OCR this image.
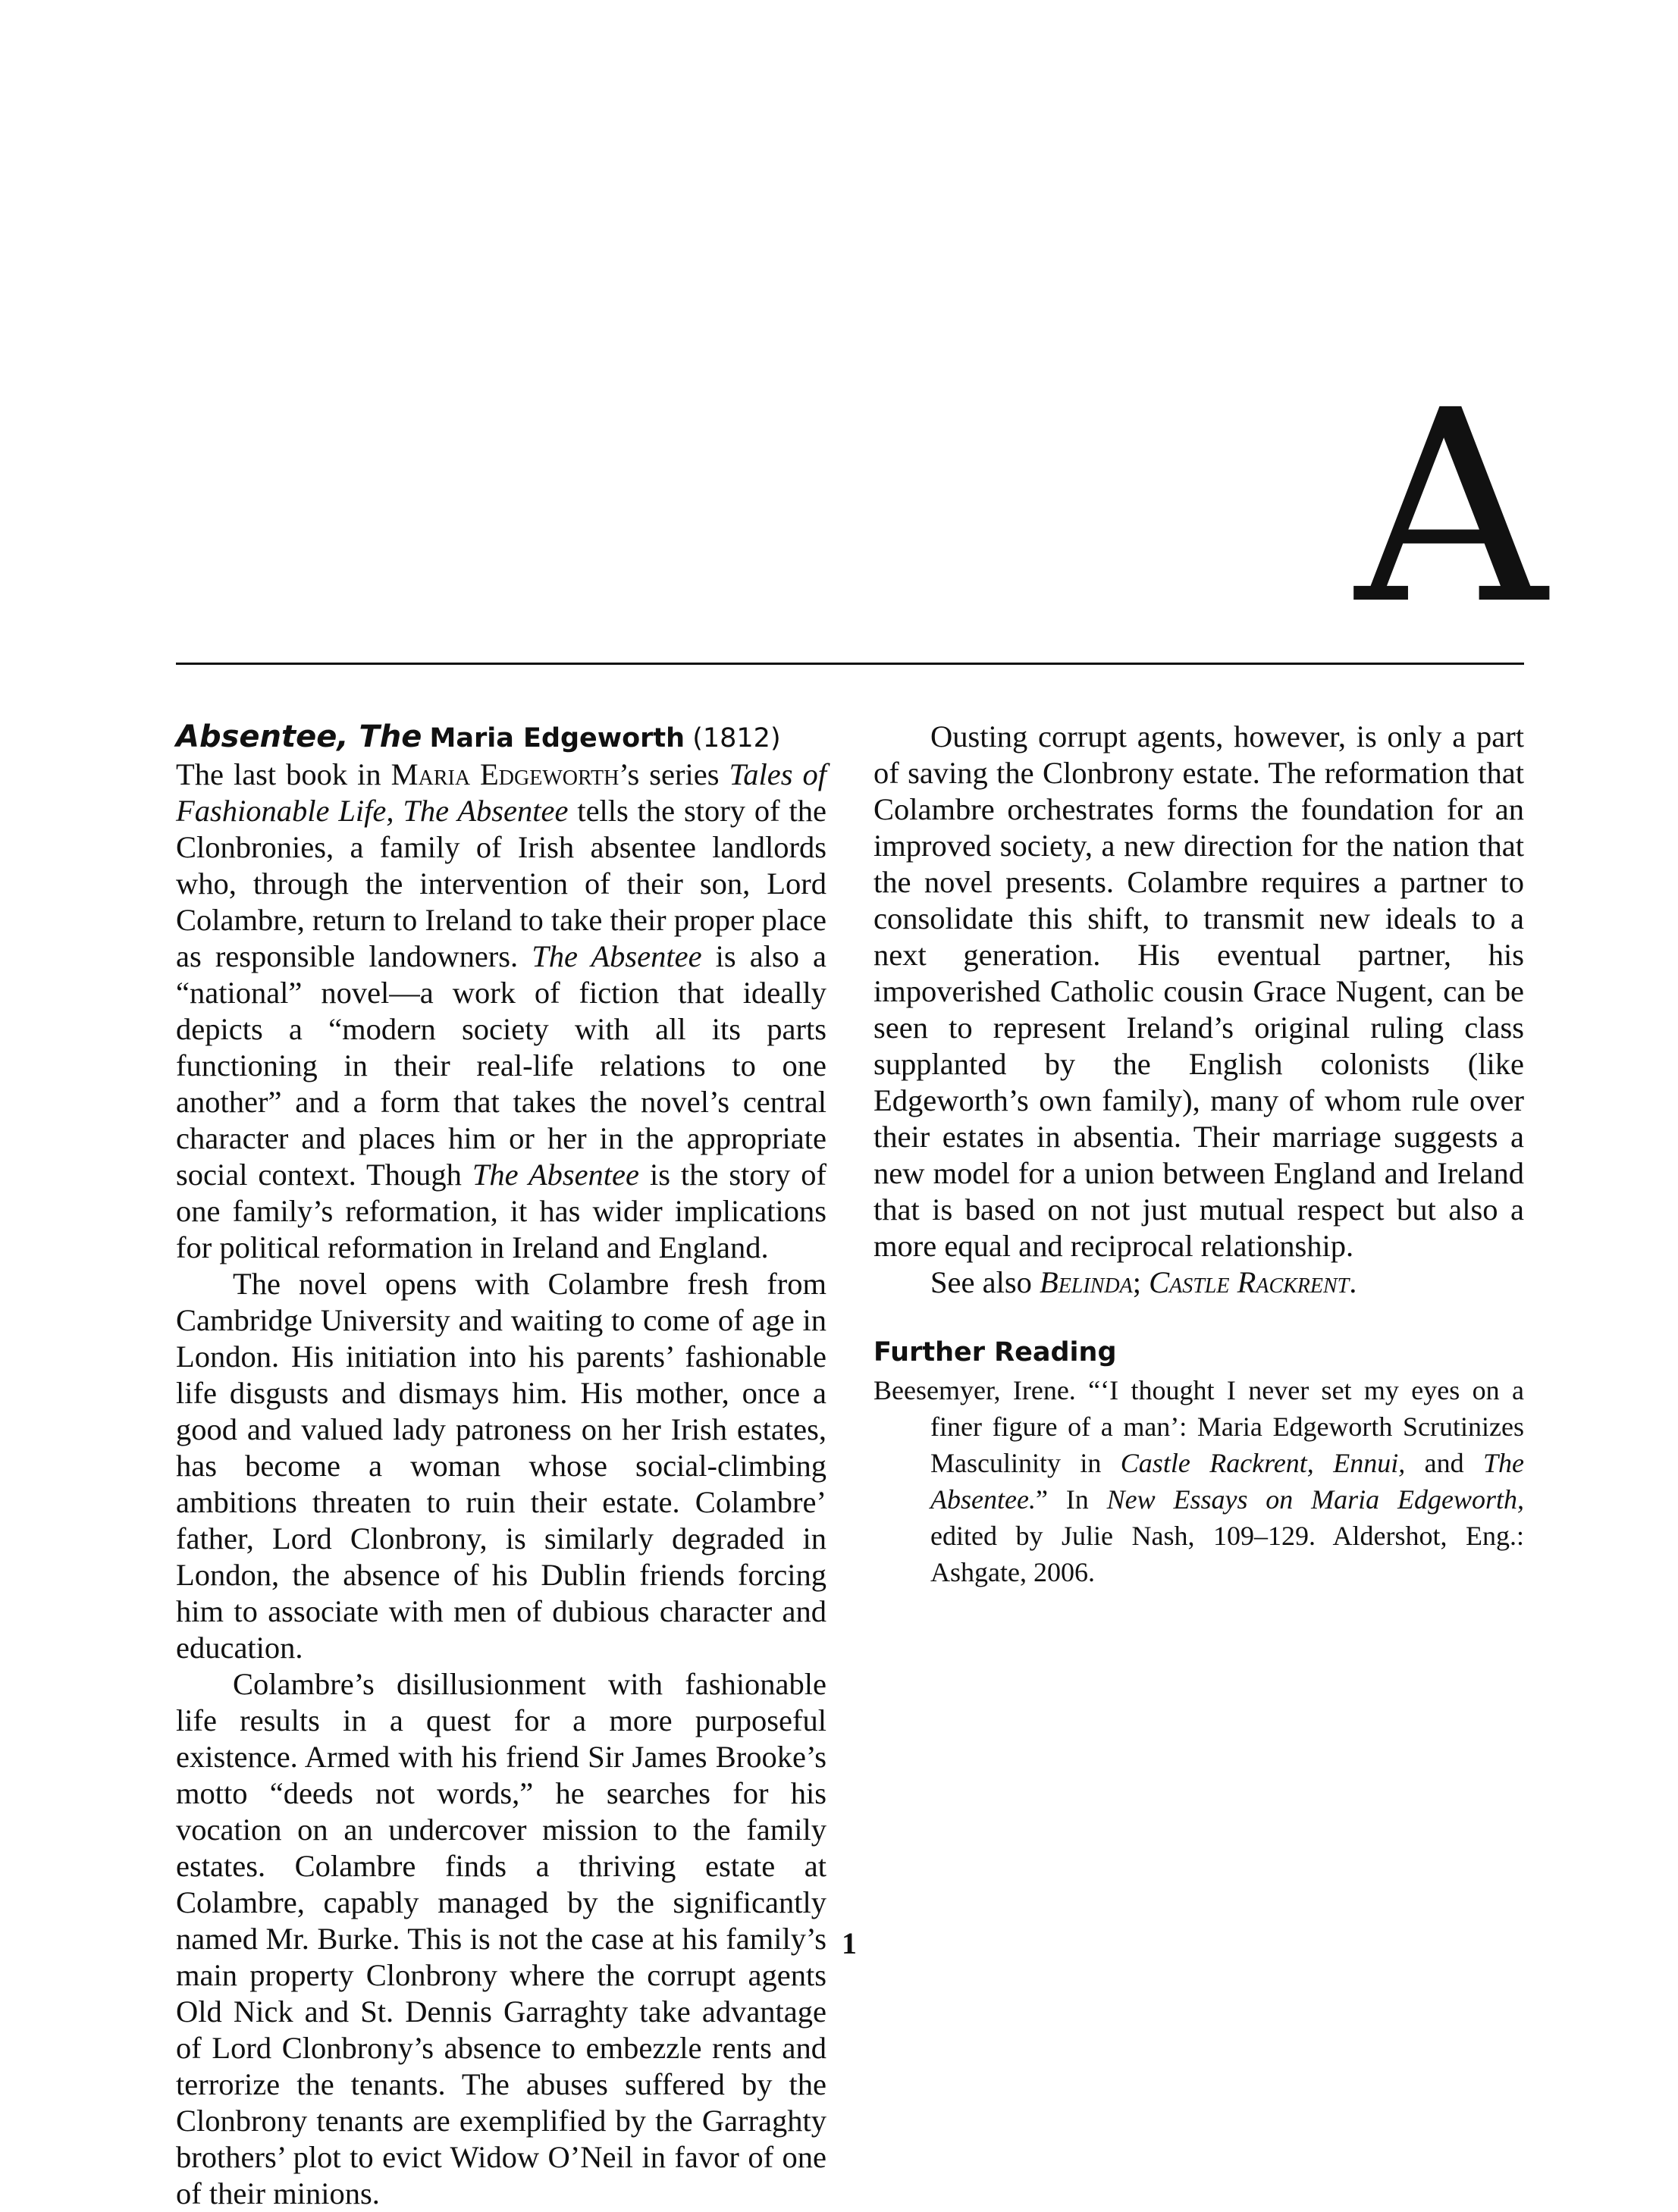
A
Absentee, The Maria Edgeworth (1812)

The last book in Maria Edgeworth’s series Tales of Fashionable Life, The Absentee tells the story of the Clonbronies, a family of Irish absentee landlords who, through the intervention of their son, Lord Colambre, return to Ireland to take their proper place as responsible landowners. The Absentee is also a “national” novel—a work of fiction that ideally depicts a “modern society with all its parts functioning in their real-life relations to one another” and a form that takes the novel’s central character and places him or her in the appropriate social context. Though The Absentee is the story of one family’s reformation, it has wider implications for political reformation in Ireland and England.

The novel opens with Colambre fresh from Cambridge University and waiting to come of age in London. His initiation into his parents’ fashionable life disgusts and dismays him. His mother, once a good and valued lady patroness on her Irish estates, has become a woman whose social-climbing ambitions threaten to ruin their estate. Colambre’ father, Lord Clonbrony, is similarly degraded in London, the absence of his Dublin friends forcing him to associate with men of dubious character and education.

Colambre’s disillusionment with fashionable life results in a quest for a more purposeful existence. Armed with his friend Sir James Brooke’s motto “deeds not words,” he searches for his vocation on an undercover mission to the family estates. Colambre finds a thriving estate at Colambre, capably managed by the significantly named Mr. Burke. This is not the case at his family’s main property Clonbrony where the corrupt agents Old Nick and St. Dennis Garraghty take advantage of Lord Clonbrony’s absence to embezzle rents and terrorize the tenants. The abuses suffered by the Clonbrony tenants are exemplified by the Garraghty brothers’ plot to evict Widow O’Neil in favor of one of their minions.

Ousting corrupt agents, however, is only a part of saving the Clonbrony estate. The reformation that Colambre orchestrates forms the foundation for an improved society, a new direction for the nation that the novel presents. Colambre requires a partner to consolidate this shift, to transmit new ideals to a next generation. His eventual partner, his impoverished Catholic cousin Grace Nugent, can be seen to represent Ireland’s original ruling class supplanted by the English colonists (like Edgeworth’s own family), many of whom rule over their estates in absentia. Their marriage suggests a new model for a union between England and Ireland that is based on not just mutual respect but also a more equal and reciprocal relationship.

See also Belinda; Castle Rackrent.

Further Reading

Beesemyer, Irene. “‘I thought I never set my eyes on a finer figure of a man’: Maria Edgeworth Scrutinizes Masculinity in Castle Rackrent, Ennui, and The Absentee.” In New Essays on Maria Edgeworth, edited by Julie Nash, 109–129. Aldershot, Eng.: Ashgate, 2006.

1
